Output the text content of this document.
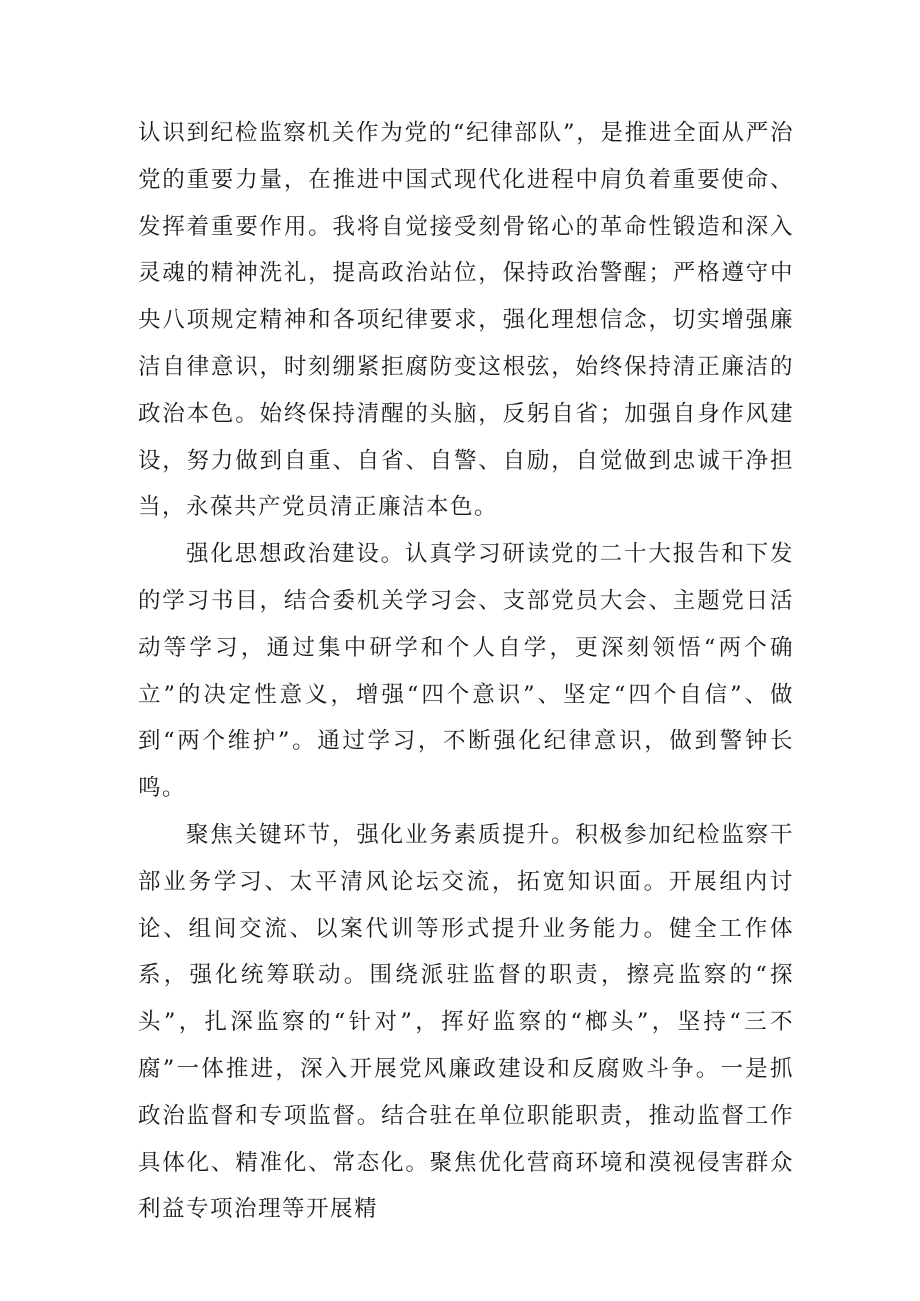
认识到纪检监察机关作为党的“纪律部队”，是推进全面从严治党的重要力量，在推进中国式现代化进程中肩负着重要使命、发挥着重要作用。我将自觉接受刻骨铭心的革命性锻造和深入灵魂的精神洗礼，提高政治站位，保持政治警醒；严格遵守中央八项规定精神和各项纪律要求，强化理想信念，切实增强廉洁自律意识，时刻绷紧拒腐防变这根弦，始终保持清正廉洁的政治本色。始终保持清醒的头脑，反躬自省；加强自身作风建设，努力做到自重、自省、自警、自励，自觉做到忠诚干净担当，永葆共产党员清正廉洁本色。

强化思想政治建设。认真学习研读党的二十大报告和下发的学习书目，结合委机关学习会、支部党员大会、主题党日活动等学习，通过集中研学和个人自学，更深刻领悟“两个确立”的决定性意义，增强“四个意识”、坚定“四个自信”、做到“两个维护”。通过学习，不断强化纪律意识，做到警钟长鸣。

聚焦关键环节，强化业务素质提升。积极参加纪检监察干部业务学习、太平清风论坛交流，拓宽知识面。开展组内讨论、组间交流、以案代训等形式提升业务能力。健全工作体系，强化统筹联动。围绕派驻监督的职责，擦亮监察的“探头”，扎深监察的“针对”，挥好监察的“榔头”，坚持“三不腐”一体推进，深入开展党风廉政建设和反腐败斗争。一是抓政治监督和专项监督。结合驻在单位职能职责，推动监督工作具体化、精准化、常态化。聚焦优化营商环境和漠视侵害群众利益专项治理等开展精
